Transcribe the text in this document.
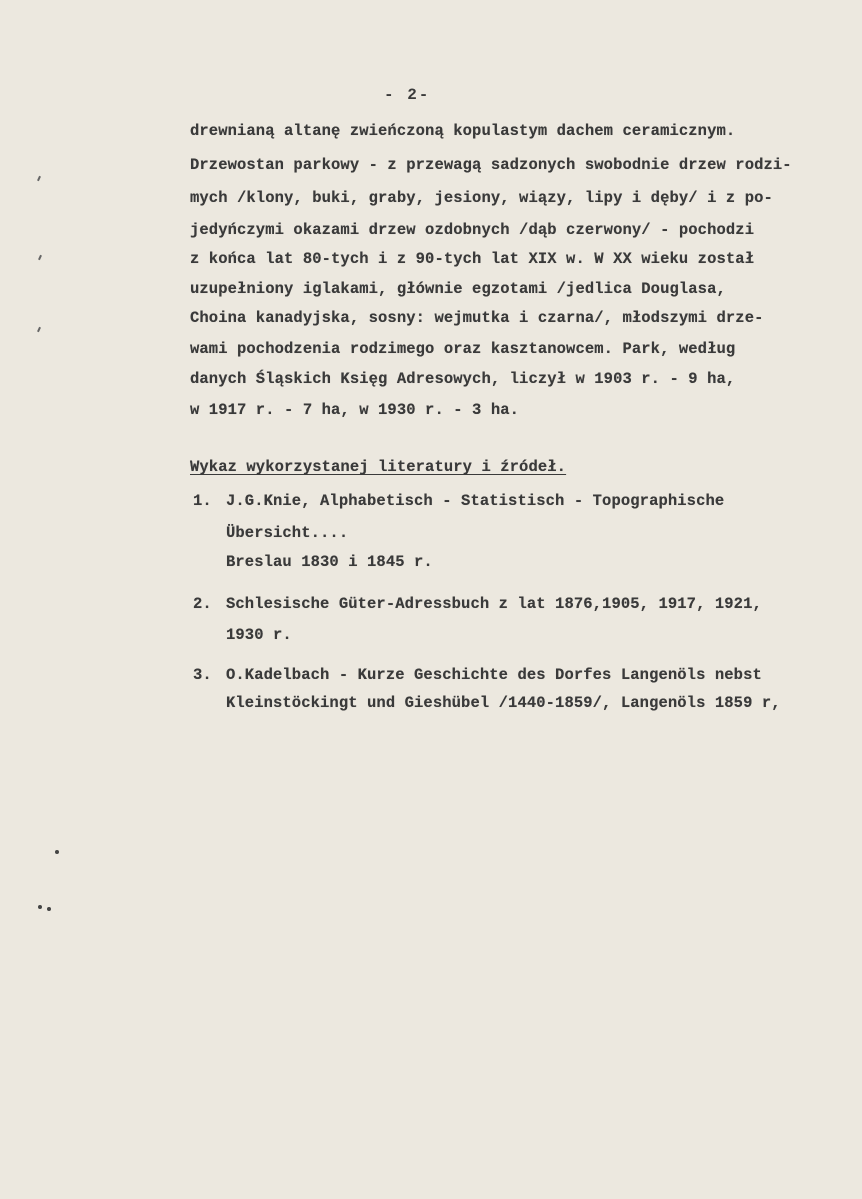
- 2-
drewnianą altanę zwieńczoną kopulastym dachem ceramicznym.
Drzewostan parkowy - z przewagą sadzonych swobodnie drzew rodzi-
mych /klony, buki, graby, jesiony, wiązy, lipy i dęby/ i z po-
jedyńczymi okazami drzew ozdobnych /dąb czerwony/ - pochodzi
z końca lat 80-tych i z 90-tych lat XIX w. W XX wieku został
uzupełniony iglakami, głównie egzotami /jedlica Douglasa,
Choina kanadyjska, sosny: wejmutka i czarna/, młodszymi drze-
wami pochodzenia rodzimego oraz kasztanowcem. Park, według
danych Śląskich Księg Adresowych, liczył w 1903 r. - 9 ha,
w 1917 r. - 7 ha, w 1930 r. - 3 ha.
Wykaz wykorzystanej literatury i źródeł.
1. J.G.Knie, Alphabetisch - Statistisch - Topographische
Übersicht....
Breslau 1830 i 1845 r.
2. Schlesische Güter-Adressbuch z lat 1876,1905, 1917, 1921,
1930 r.
3. O.Kadelbach - Kurze Geschichte des Dorfes Langenöls nebst
Kleinstöckingt und Gieshübel /1440-1859/, Langenöls 1859 r,
